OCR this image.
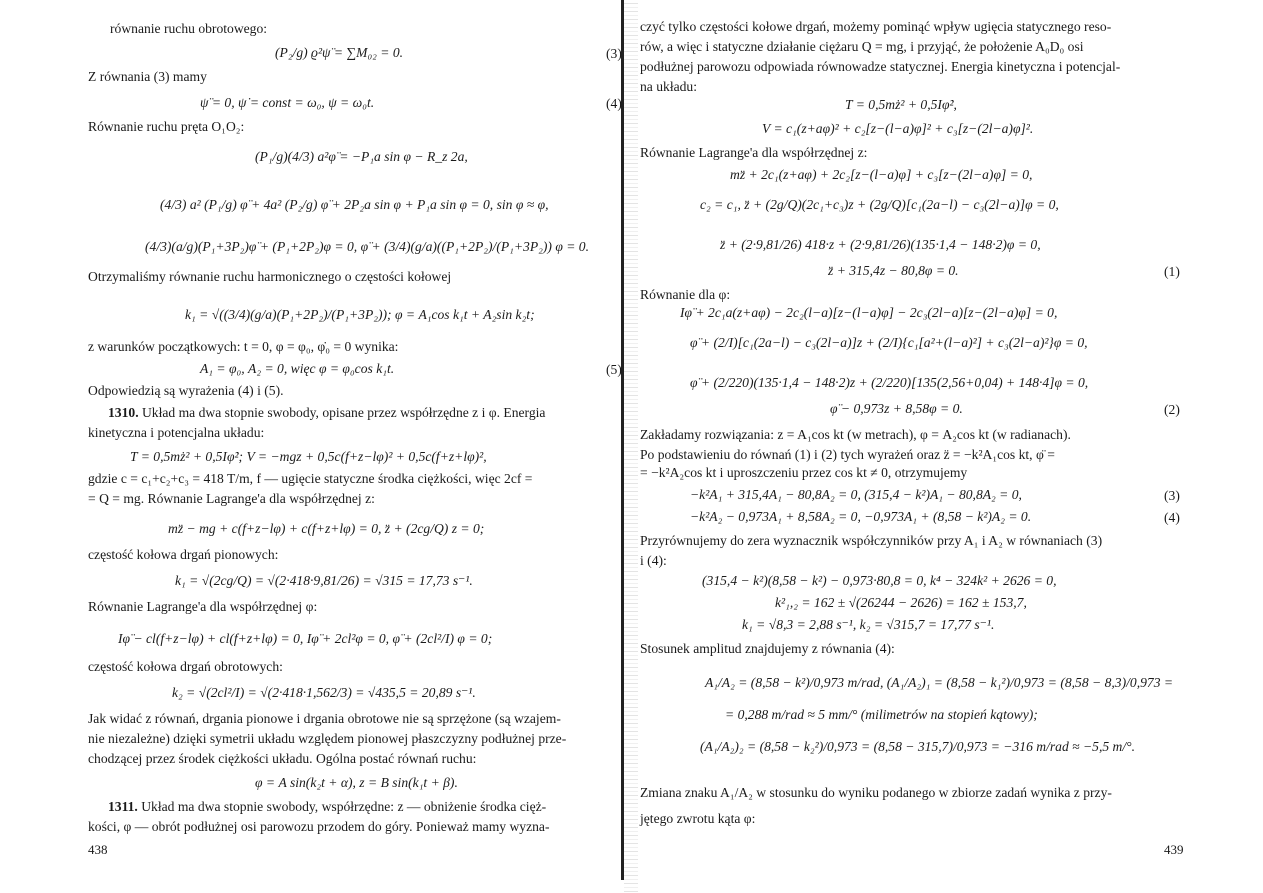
438	439
równanie ruchu obrotowego:
(P₂/g) ϱ²ψ̈ = ∑M₀₂ = 0.
Z równania (3) mamy
ψ̈ = 0, ψ̇ = const = ω₀, ψ = ω₀t.
Równanie ruchu pręta O₁O₂:
(P₁/g)(4/3) a²φ̈ = −P₁a sin φ − R_z 2a,
(4/3) a² (P₁/g) φ̈ + 4a² (P₂/g) φ̈ + 2P₂a sin φ + P₁a sin φ = 0, sin φ ≈ φ,
(4/3)(a/g)(P₁+3P₂)φ̈ + (P₁+2P₂)φ = 0, φ̈ + (3/4)(g/a)((P₁+2P₂)/(P₁+3P₂)) φ = 0.
Otrzymaliśmy równanie ruchu harmonicznego o częstości kołowej
k₁ = √((3/4)(g/a)(P₁+2P₂)/(P₁+3P₂)); φ = A₁cos k₁t + A₂sin k₂t;
z warunków początkowych: t = 0, φ = φ₀, φ̇₀ = 0 wynika:
A₁ = φ₀, A₂ = 0, więc φ = φ₀cos k₁t.
Odpowiedzią są wyrażenia (4) i (5).
1310. Układ ma dwa stopnie swobody, opisane przez współrzędne z i φ. Energia
kinetyczna i potencjalna układu:
T = 0,5mż² + 0,5Iφ̇²; V = −mgz + 0,5c(f+z−lφ)² + 0,5c(f+z+lφ)²,
gdzie c = c₁+c₂+c₃ = 418 T/m, f — ugięcie statyczne środka ciężkości, więc 2cf =
= Q = mg. Równanie Lagrange'a dla współrzędnej z:
mz̈ − mg + c(f+z−lφ) + c(f+z+lφ) = 0, z̈ + (2cg/Q) z = 0;
częstość kołowa drgań pionowych:
k₁ = √(2cg/Q) = √(2·418·9,81/26) = √315 = 17,73 s⁻¹.
Równanie Lagrange'a dla współrzędnej φ:
Iφ̈ − cl(f+z−lφ) + cl(f+z+lφ) = 0, Iφ̈ + 2cl²φ = 0, φ̈ + (2cl²/I) φ = 0;
częstość kołowa drgań obrotowych:
k₂ = √(2cl²/I) = √(2·418·1,562/3) = √435,5 = 20,89 s⁻¹.
Jak widać z równań, drgania pionowe i drgania obrotowe nie są sprzężone (są wzajem-
nie niezależne) dzięki symetrii układu względem pionowej płaszczyzny podłużnej prze-
chodzącej przez środek ciężkości układu. Ogólna postać równań ruchu:
φ = A sin(k₂t + α), z = B sin(k₁t + β).
1311. Układ ma dwa stopnie swobody, współrzędne: z — obniżenie środka cięż-
kości, φ — obrót podłużnej osi parowozu przodem do góry. Ponieważ mamy wyzna-
(3)
(4)
(5)
czyć tylko częstości kołowe drgań, możemy pominąć wpływ ugięcia statycznego reso-
rów, a więc i statyczne działanie ciężaru Q = mg, i przyjąć, że położenie A₀D₀ osi
podłużnej parowozu odpowiada równowadze statycznej. Energia kinetyczna i potencjal-
na układu:
T = 0,5mż² + 0,5Iφ̇²,
V = c₁(z+aφ)² + c₂[z−(l−a)φ]² + c₃[z−(2l−a)φ]².
Równanie Lagrange'a dla współrzędnej z:
mz̈ + 2c₁(z+aφ) + 2c₂[z−(l−a)φ] + c₃[z−(2l−a)φ] = 0,
c₂ = c₁, z̈ + (2g/Q)(2c₁+c₃)z + (2g/Q)[c₁(2a−l) − c₃(2l−a)]φ = 0,
z̈ + (2·9,81/26) 418·z + (2·9,81/26)(135·1,4 − 148·2)φ = 0,
z̈ + 315,4z − 80,8φ = 0.
Równanie dla φ:
Iφ̈ + 2c₁a(z+aφ) − 2c₂(l−a)[z−(l−a)φ] − 2c₃(2l−a)[z−(2l−a)φ] = 0,
φ̈ + (2/I)[c₁(2a−l) − c₃(2l−a)]z + (2/I){c₁[a²+(l−a)²] + c₃(2l−a)²}φ = 0,
φ̈ + (2/220)(135·1,4 − 148·2)z + (2/220)[135(2,56+0,04) + 148·4]φ = 0,
φ̈ − 0,973z + 8,58φ = 0.
Zakładamy rozwiązania: z = A₁cos kt (w metrach), φ = A₂cos kt (w radianach).
Po podstawieniu do równań (1) i (2) tych wyrażeń oraz z̈ = −k²A₁cos kt, φ̈ =
= −k²A₂cos kt i uproszczeniu przez cos kt ≠ 0, otrzymujemy
−k²A₁ + 315,4A₁ − 80,8A₂ = 0, (315,4 − k²)A₁ − 80,8A₂ = 0,
−k²A₂ − 0,973A₁ + 8,58A₂ = 0, −0,973A₁ + (8,58 − k²)A₂ = 0.
Przyrównujemy do zera wyznacznik współczynników przy A₁ i A₂ w równaniach (3)
i (4):
(315,4 − k²)(8,58 − k²) − 0,973·80,8 = 0, k⁴ − 324k² + 2626 = 0,
k²₁,₂ = 162 ± √(26244 − 2626) = 162 ± 153,7,
k₁ = √8,3 = 2,88 s⁻¹, k₂ = √315,7 = 17,77 s⁻¹.
Stosunek amplitud znajdujemy z równania (4):
A₁/A₂ = (8,58 − k²)/0,973 m/rad, (A₁/A₂)₁ = (8,58 − k₁²)/0,973 = (8,58 − 8,3)/0,973 =
= 0,288 m/rad ≈ 5 mm/° (milimetrów na stopień kątowy);
(A₁/A₂)₂ = (8,58 − k₂²)/0,973 = (8,58 − 315,7)/0,973 = −316 m/rad ≈ −5,5 m/°.
Zmiana znaku A₁/A₂ w stosunku do wyniku podanego w zbiorze zadań wynika z przy-
jętego zwrotu kąta φ:
(1)
(2)
(3)
(4)
